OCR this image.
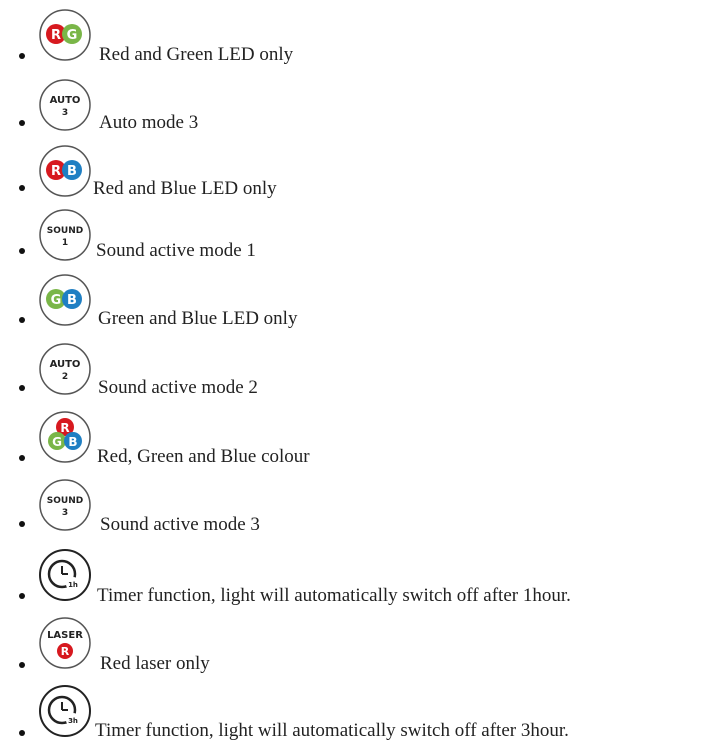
R G
Red and Green LED only
AUTO
3 Auto mode 3
R B
Red and Blue LED only
SOUND
1 Sound active mode 1
G B
Green and Blue LED only
AUTO
2 Sound active mode 2
R
G B
Red, Green and Blue colour
SOUND
3
Sound active mode 3
1h Timer function, light will automatically switch off after 1hour.
LASER
R
Red laser only
3h Timer function, light will automatically switch off after 3hour.
